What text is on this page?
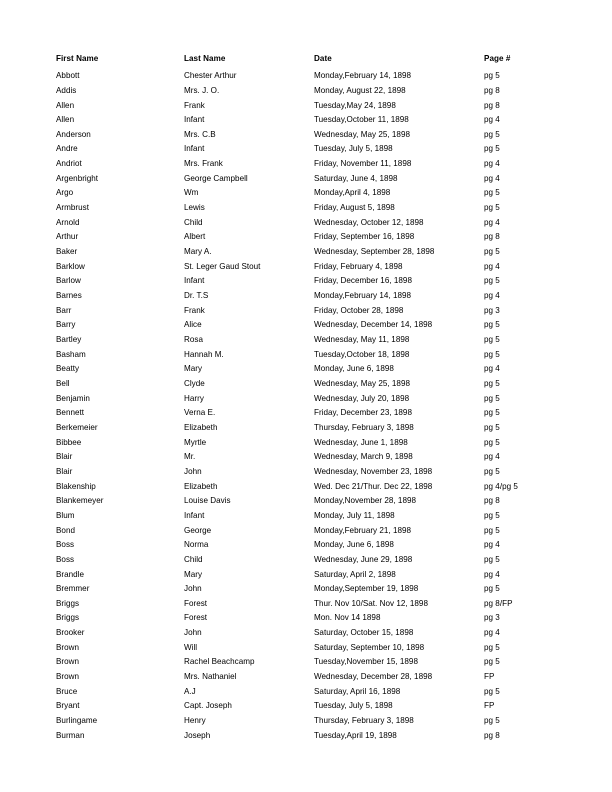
First Name	Last Name	Date	Page #
Abbott	Chester Arthur	Monday,February 14, 1898	pg 5
Addis	Mrs. J. O.	Monday, August 22, 1898	pg 8
Allen	Frank	Tuesday,May 24, 1898	pg 8
Allen	Infant	Tuesday,October 11, 1898	pg 4
Anderson	Mrs. C.B	Wednesday, May 25, 1898	pg 5
Andre	Infant	Tuesday, July 5, 1898	pg 5
Andriot	Mrs. Frank	Friday, November 11, 1898	pg 4
Argenbright	George Campbell	Saturday, June 4, 1898	pg 4
Argo	Wm	Monday,April 4, 1898	pg 5
Armbrust	Lewis	Friday, August 5, 1898	pg 5
Arnold	Child	Wednesday, October 12, 1898	pg 4
Arthur	Albert	Friday, September 16, 1898	pg 8
Baker	Mary A.	Wednesday, September 28, 1898	pg 5
Barklow	St. Leger Gaud Stout	Friday, February 4, 1898	pg 4
Barlow	Infant	Friday, December 16, 1898	pg 5
Barnes	Dr. T.S	Monday,February 14, 1898	pg 4
Barr	Frank	Friday, October 28, 1898	pg 3
Barry	Alice	Wednesday, December 14, 1898	pg 5
Bartley	Rosa	Wednesday, May 11, 1898	pg 5
Basham	Hannah M.	Tuesday,October 18, 1898	pg 5
Beatty	Mary	Monday, June 6, 1898	pg 4
Bell	Clyde	Wednesday, May 25, 1898	pg 5
Benjamin	Harry	Wednesday, July 20, 1898	pg 5
Bennett	Verna E.	Friday, December 23, 1898	pg 5
Berkemeier	Elizabeth	Thursday, February 3, 1898	pg 5
Bibbee	Myrtle	Wednesday, June 1, 1898	pg 5
Blair	Mr.	Wednesday, March 9, 1898	pg 4
Blair	John	Wednesday, November 23, 1898	pg 5
Blakenship	Elizabeth	Wed. Dec 21/Thur. Dec 22, 1898	pg 4/pg 5
Blankemeyer	Louise Davis	Monday,November 28, 1898	pg 8
Blum	Infant	Monday, July 11, 1898	pg 5
Bond	George	Monday,February 21, 1898	pg 5
Boss	Norma	Monday, June 6, 1898	pg 4
Boss	Child	Wednesday, June 29, 1898	pg 5
Brandle	Mary	Saturday, April 2, 1898	pg 4
Bremmer	John	Monday,September 19, 1898	pg 5
Briggs	Forest	Thur. Nov 10/Sat. Nov 12, 1898	pg 8/FP
Briggs	Forest	Mon. Nov 14 1898	pg 3
Brooker	John	Saturday, October 15, 1898	pg 4
Brown	Will	Saturday, September 10, 1898	pg 5
Brown	Rachel Beachcamp	Tuesday,November 15, 1898	pg 5
Brown	Mrs. Nathaniel	Wednesday, December 28, 1898	FP
Bruce	A.J	Saturday, April 16, 1898	pg 5
Bryant	Capt. Joseph	Tuesday, July 5, 1898	FP
Burlingame	Henry	Thursday, February 3, 1898	pg 5
Burman	Joseph	Tuesday,April 19, 1898	pg 8
